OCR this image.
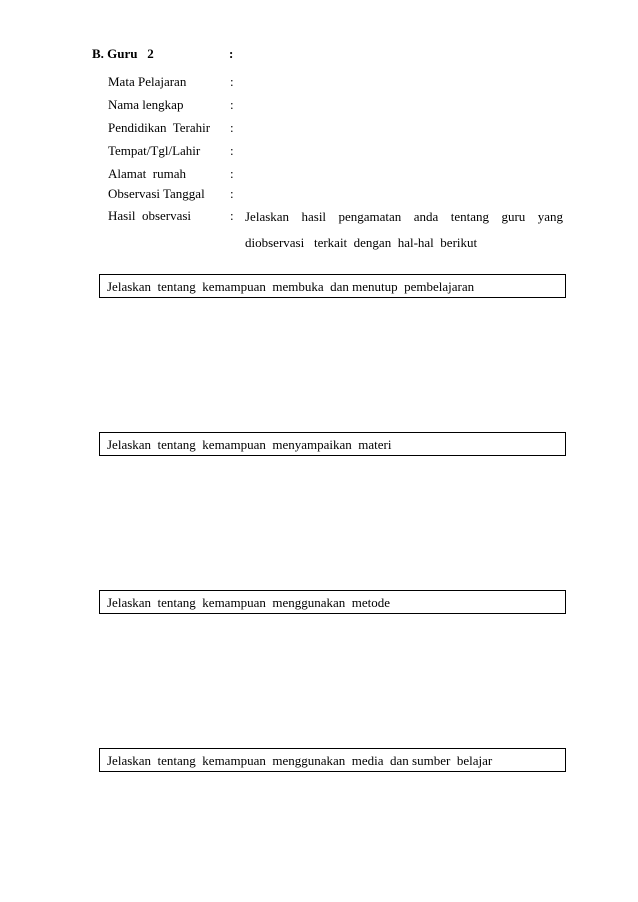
B. Guru   2	:
Mata Pelajaran	:
Nama lengkap	:
Pendidikan  Terahir :
Tempat/Tgl/Lahir :
Alamat  rumah	:
Observasi Tanggal :
Hasil  observasi	: Jelaskan hasil pengamatan anda tentang guru yang
diobservasi   terkait  dengan  hal-hal  berikut
Jelaskan  tentang  kemampuan  membuka  dan menutup  pembelajaran
Jelaskan  tentang  kemampuan  menyampaikan  materi
Jelaskan  tentang  kemampuan  menggunakan  metode
Jelaskan  tentang  kemampuan  menggunakan  media  dan sumber  belajar
